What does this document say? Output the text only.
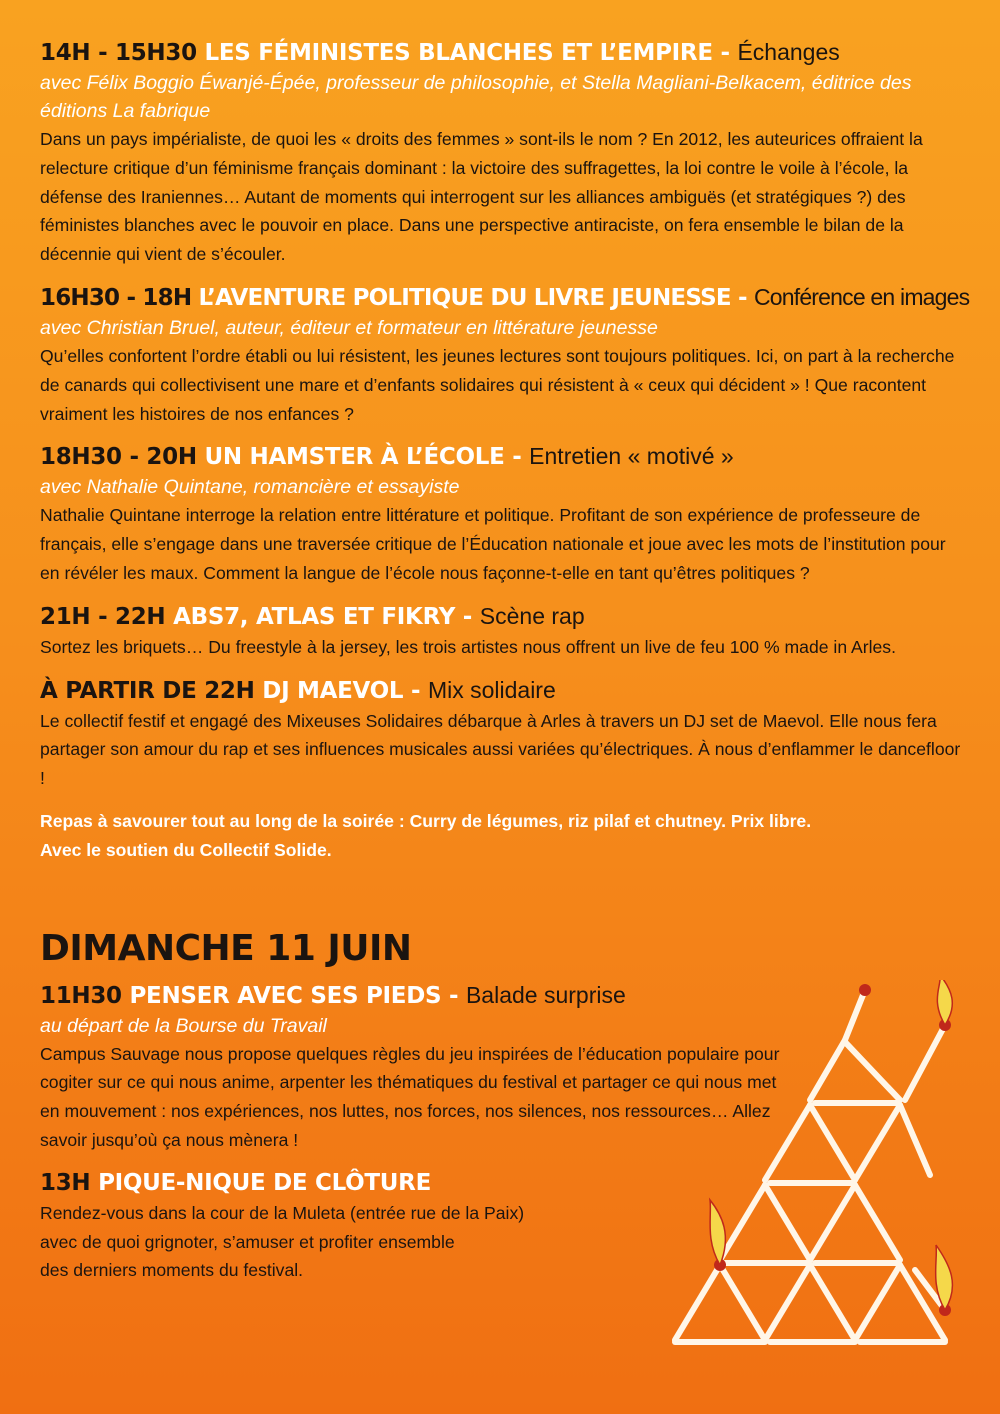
14H - 15H30 LES FÉMINISTES BLANCHES ET L’EMPIRE - Échanges

avec Félix Boggio Éwanjé-Épée, professeur de philosophie, et Stella Magliani-Belkacem, éditrice des éditions La fabrique

Dans un pays impérialiste, de quoi les « droits des femmes » sont-ils le nom ? En 2012, les auteurices offraient la relecture critique d’un féminisme français dominant : la victoire des suffragettes, la loi contre le voile à l’école, la défense des Iraniennes… Autant de moments qui interrogent sur les alliances ambiguës (et stratégiques ?) des féministes blanches avec le pouvoir en place. Dans une perspective antiraciste, on fera ensemble le bilan de la décennie qui vient de s’écouler.

16H30 - 18H L’AVENTURE POLITIQUE DU LIVRE JEUNESSE - Conférence en images

avec Christian Bruel, auteur, éditeur et formateur en littérature jeunesse

Qu’elles confortent l’ordre établi ou lui résistent, les jeunes lectures sont toujours politiques. Ici, on part à la recherche de canards qui collectivisent une mare et d’enfants solidaires qui résistent à « ceux qui décident » ! Que racontent vraiment les histoires de nos enfances ?

18H30 - 20H UN HAMSTER À L’ÉCOLE - Entretien « motivé »

avec Nathalie Quintane, romancière et essayiste

Nathalie Quintane interroge la relation entre littérature et politique. Profitant de son expérience de professeure de français, elle s’engage dans une traversée critique de l’Éducation nationale et joue avec les mots de l’institution pour en révéler les maux. Comment la langue de l’école nous façonne-t-elle en tant qu’êtres politiques ?

21H - 22H ABS7, ATLAS ET FIKRY - Scène rap

Sortez les briquets… Du freestyle à la jersey, les trois artistes nous offrent un live de feu 100 % made in Arles.

À PARTIR DE 22H DJ MAEVOL - Mix solidaire

Le collectif festif et engagé des Mixeuses Solidaires débarque à Arles à travers un DJ set de Maevol. Elle nous fera partager son amour du rap et ses influences musicales aussi variées qu’électriques. À nous d’enflammer le dancefloor !

Repas à savourer tout au long de la soirée : Curry de légumes, riz pilaf et chutney. Prix libre.
Avec le soutien du Collectif Solide.

DIMANCHE 11 JUIN

11H30 PENSER AVEC SES PIEDS - Balade surprise

au départ de la Bourse du Travail

Campus Sauvage nous propose quelques règles du jeu inspirées de l’éducation populaire pour cogiter sur ce qui nous anime, arpenter les thématiques du festival et partager ce qui nous met en mouvement : nos expériences, nos luttes, nos forces, nos silences, nos ressources… Allez savoir jusqu’où ça nous mènera !

13H PIQUE-NIQUE DE CLÔTURE

Rendez-vous dans la cour de la Muleta (entrée rue de la Paix)
avec de quoi grignoter, s’amuser et profiter ensemble
des derniers moments du festival.
